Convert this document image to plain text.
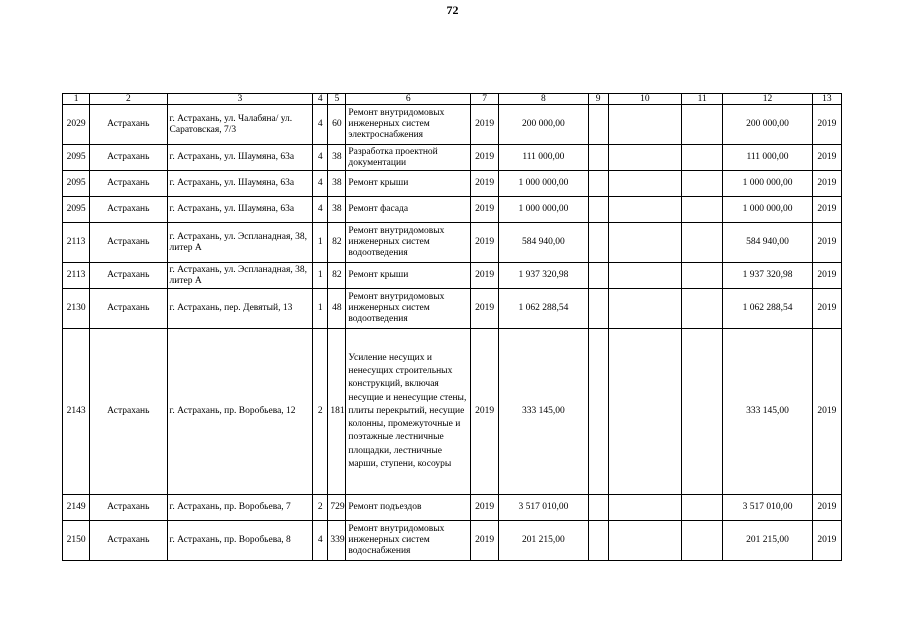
72
1	2	3	4	5	6	7	8	9	10	11	12	13
2029	Астрахань	г. Астрахань, ул. Чалабяна/ ул. Саратовская, 7/3	4	60	Ремонт внутридомовых инженерных систем электроснабжения	2019	200 000,00				200 000,00	2019
2095	Астрахань	г. Астрахань, ул. Шаумяна, 63а	4	38	Разработка проектной документации	2019	111 000,00				111 000,00	2019
2095	Астрахань	г. Астрахань, ул. Шаумяна, 63а	4	38	Ремонт крыши	2019	1 000 000,00				1 000 000,00	2019
2095	Астрахань	г. Астрахань, ул. Шаумяна, 63а	4	38	Ремонт фасада	2019	1 000 000,00				1 000 000,00	2019
2113	Астрахань	г. Астрахань, ул. Эспланадная, 38, литер А	1	82	Ремонт внутридомовых инженерных систем водоотведения	2019	584 940,00				584 940,00	2019
2113	Астрахань	г. Астрахань, ул. Эспланадная, 38, литер А	1	82	Ремонт крыши	2019	1 937 320,98				1 937 320,98	2019
2130	Астрахань	г. Астрахань, пер. Девятый, 13	1	48	Ремонт внутридомовых инженерных систем водоотведения	2019	1 062 288,54				1 062 288,54	2019
2143	Астрахань	г. Астрахань, пр. Воробьева, 12	2	181	Усиление несущих и ненесущих строительных конструкций, включая несущие и ненесущие стены, плиты перекрытий, несущие колонны, промежуточные и поэтажные лестничные площадки, лестничные марши, ступени, косоуры	2019	333 145,00				333 145,00	2019
2149	Астрахань	г. Астрахань, пр. Воробьева, 7	2	729	Ремонт подъездов	2019	3 517 010,00				3 517 010,00	2019
2150	Астрахань	г. Астрахань, пр. Воробьева, 8	4	339	Ремонт внутридомовых инженерных систем водоснабжения	2019	201 215,00				201 215,00	2019
